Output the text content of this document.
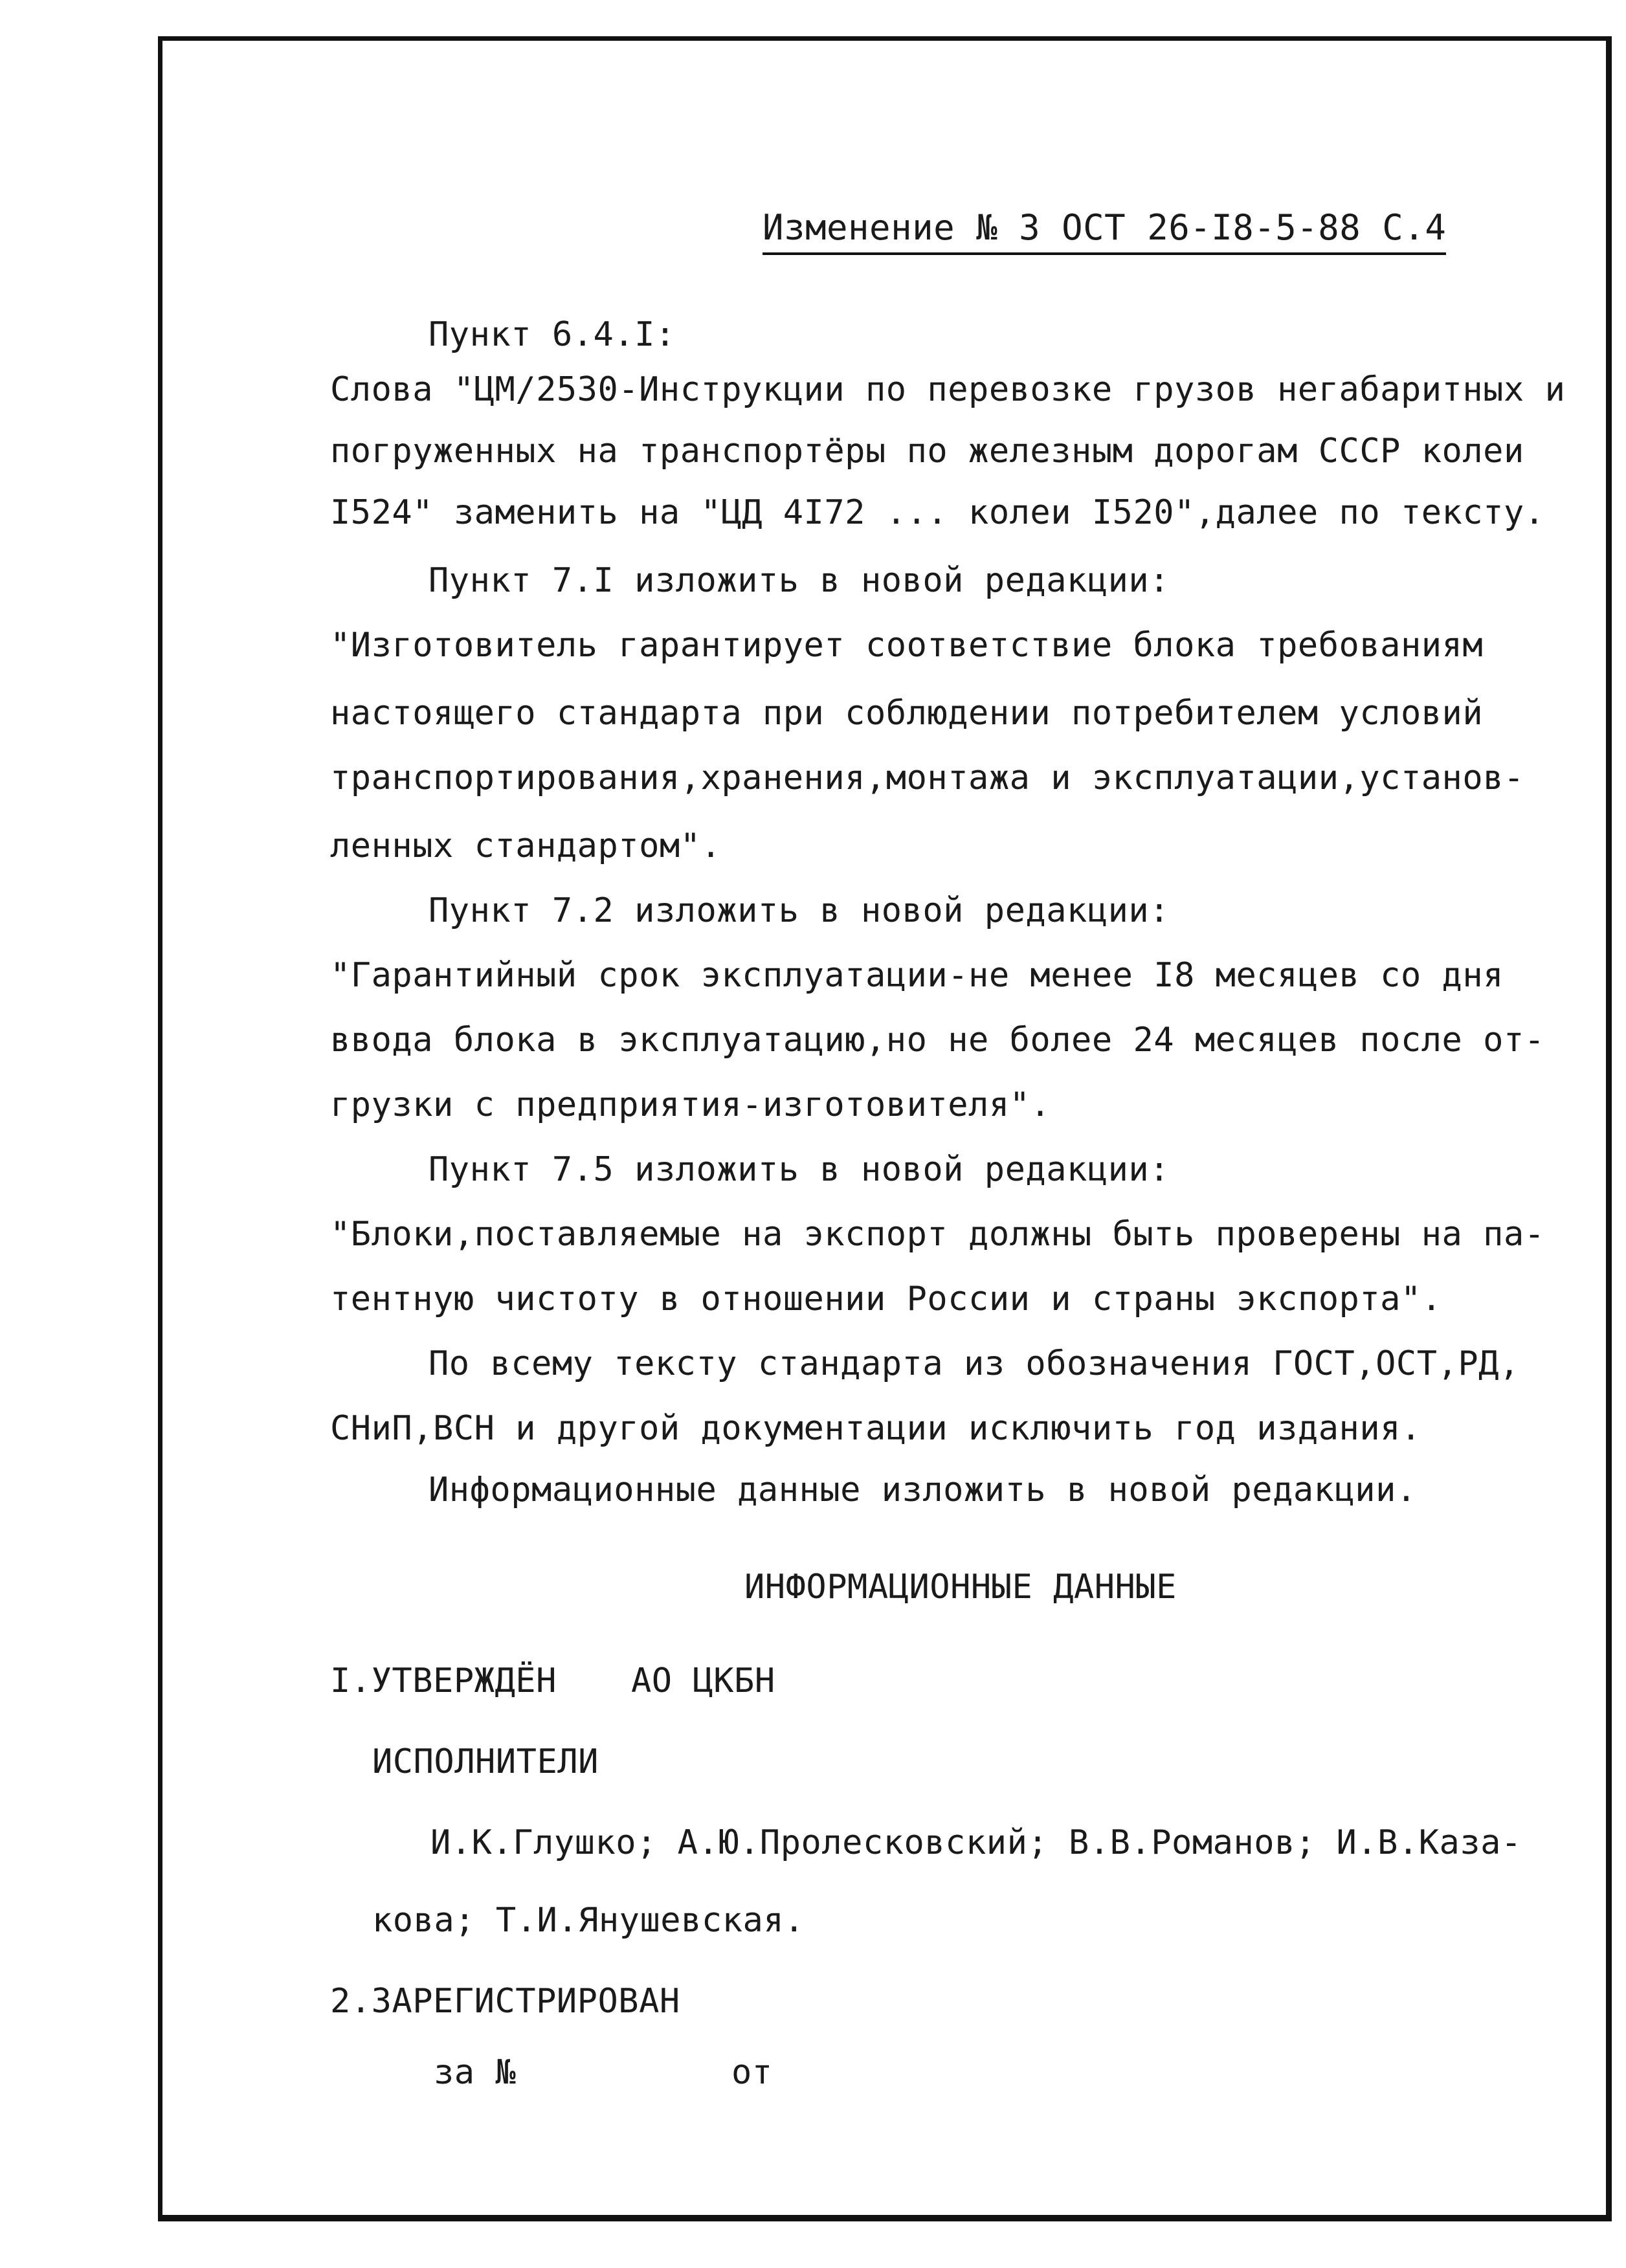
Изменение № 3 ОСТ 26-I8-5-88 С.4
Пункт 6.4.I:
Слова "ЦМ/2530-Инструкции по перевозке грузов негабаритных и
погруженных на транспортёры по железным дорогам СССР колеи
I524" заменить на "ЦД 4I72 ... колеи I520",далее по тексту.
Пункт 7.I изложить в новой редакции:
"Изготовитель гарантирует соответствие блока требованиям
настоящего стандарта при соблюдении потребителем условий
транспортирования,хранения,монтажа и эксплуатации,установ-
ленных стандартом".
Пункт 7.2 изложить в новой редакции:
"Гарантийный срок эксплуатации-не менее I8 месяцев со дня
ввода блока в эксплуатацию,но не более 24 месяцев после от-
грузки с предприятия-изготовителя".
Пункт 7.5 изложить в новой редакции:
"Блоки,поставляемые на экспорт должны быть проверены на па-
тентную чистоту в отношении России и страны экспорта".
По всему тексту стандарта из обозначения ГОСТ,ОСТ,РД,
СНиП,ВСН и другой документации исключить год издания.
Информационные данные изложить в новой редакции.
ИНФОРМАЦИОННЫЕ ДАННЫЕ
I.УТВЕРЖДЁН АО ЦКБН
ИСПОЛНИТЕЛИ
И.К.Глушко; А.Ю.Пролесковский; В.В.Романов; И.В.Каза-
кова; Т.И.Янушевская.
2.ЗАРЕГИСТРИРОВАН
за №	от
